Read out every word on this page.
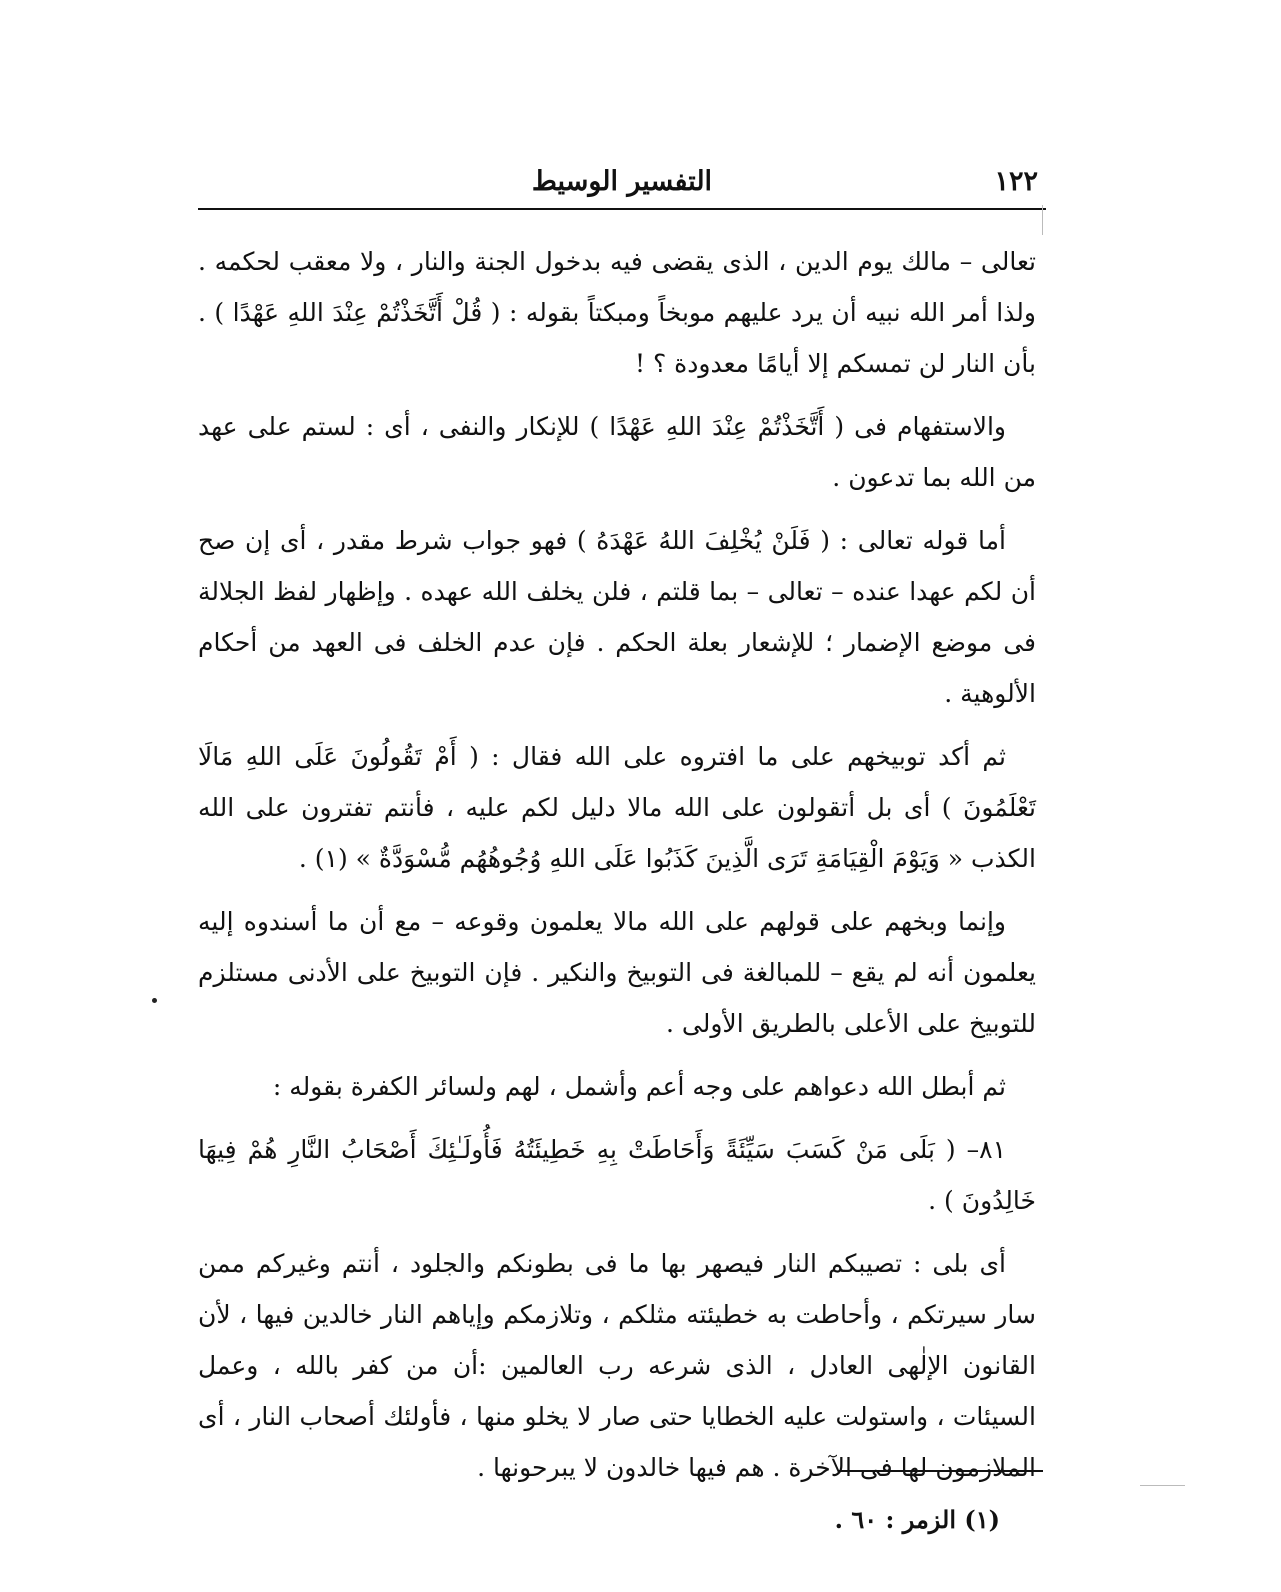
١٢٢
التفسير الوسيط

تعالى – مالك يوم الدين ، الذى يقضى فيه بدخول الجنة والنار ، ولا معقب لحكمه . ولذا أمر الله نبيه أن يرد عليهم موبخاً ومبكتاً بقوله : ( قُلْ أَتَّخَذْتُمْ عِنْدَ اللهِ عَهْدًا ) . بأن النار لن تمسكم إلا أيامًا معدودة ؟ !

والاستفهام فى ( أَتَّخَذْتُمْ عِنْدَ اللهِ عَهْدًا ) للإنكار والنفى ، أى : لستم على عهد من الله بما تدعون .

أما قوله تعالى : ( فَلَنْ يُخْلِفَ اللهُ عَهْدَهُ ) فهو جواب شرط مقدر ، أى إن صح أن لكم عهدا عنده – تعالى – بما قلتم ، فلن يخلف الله عهده . وإظهار لفظ الجلالة فى موضع الإضمار ؛ للإشعار بعلة الحكم . فإن عدم الخلف فى العهد من أحكام الألوهية .

ثم أكد توبيخهم على ما افتروه على الله فقال : ( أَمْ تَقُولُونَ عَلَى اللهِ مَالَا تَعْلَمُونَ ) أى بل أتقولون على الله مالا دليل لكم عليه ، فأنتم تفترون على الله الكذب « وَيَوْمَ الْقِيَامَةِ تَرَى الَّذِينَ كَذَبُوا عَلَى اللهِ وُجُوهُهُم مُّسْوَدَّةٌ » (١) .

وإنما وبخهم على قولهم على الله مالا يعلمون وقوعه – مع أن ما أسندوه إليه يعلمون أنه لم يقع – للمبالغة فى التوبيخ والنكير . فإن التوبيخ على الأدنى مستلزم للتوبيخ على الأعلى بالطريق الأولى .

ثم أبطل الله دعواهم على وجه أعم وأشمل ، لهم ولسائر الكفرة بقوله :

٨١– ( بَلَى مَنْ كَسَبَ سَيِّئَةً وَأَحَاطَتْ بِهِ خَطِيئَتُهُ فَأُولَـٰئِكَ أَصْحَابُ النَّارِ هُمْ فِيهَا خَالِدُونَ ) .

أى بلى : تصيبكم النار فيصهر بها ما فى بطونكم والجلود ، أنتم وغيركم ممن سار سيرتكم ، وأحاطت به خطيئته مثلكم ، وتلازمكم وإياهم النار خالدين فيها ، لأن القانون الإلٰهى العادل ، الذى شرعه رب العالمين :أن من كفر بالله ، وعمل السيئات ، واستولت عليه الخطايا حتى صار لا يخلو منها ، فأولئك أصحاب النار ، أى الملازمون لها فى الآخرة . هم فيها خالدون لا يبرحونها .

(١) الزمر : ٦٠ .
